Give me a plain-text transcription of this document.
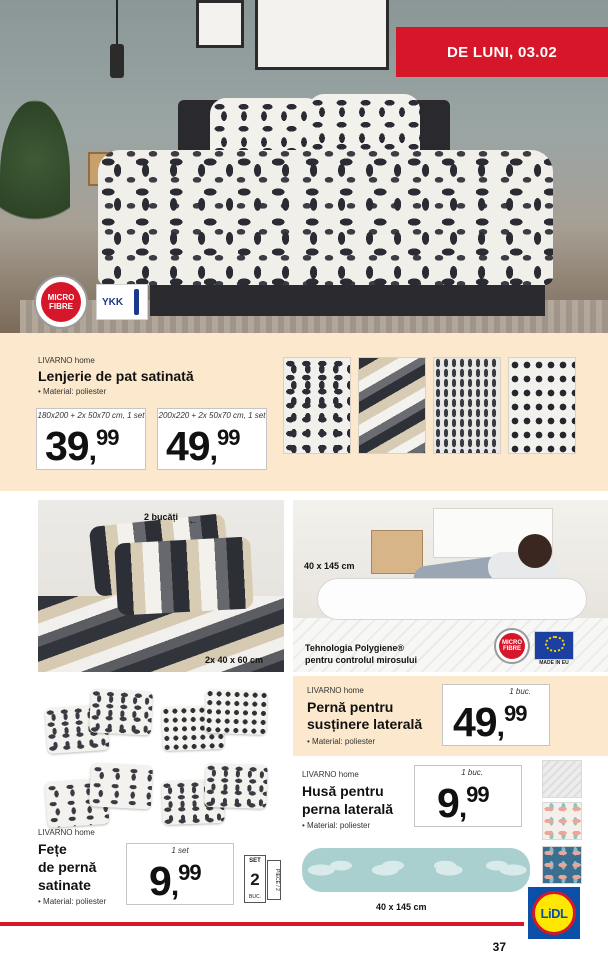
MICRO FIBRE	YKK
DE LUNI, 03.02
LIVARNO home
Lenjerie de pat satinată
• Material: poliester
180x200 + 2x 50x70 cm, 1 set
39,99
200x220 + 2x 50x70 cm, 1 set
49,99
2 bucăți ←
2x 40 x 60 cm
40 x 145 cm
Tehnologia Polygiene®
pentru controlul mirosului
MICRO FIBRE
MADE IN EU
LIVARNO home
Pernă pentru
susținere laterală
• Material: poliester
1 buc.
49,99
LIVARNO home
Fețe
de pernă
satinate
• Material: poliester
1 set
9,99	SET
2
BUC.
PIECE / 2
LIVARNO home
Husă pentru
perna laterală
• Material: poliester
1 buc.
9,99
40 x 145 cm	LiDL
37
